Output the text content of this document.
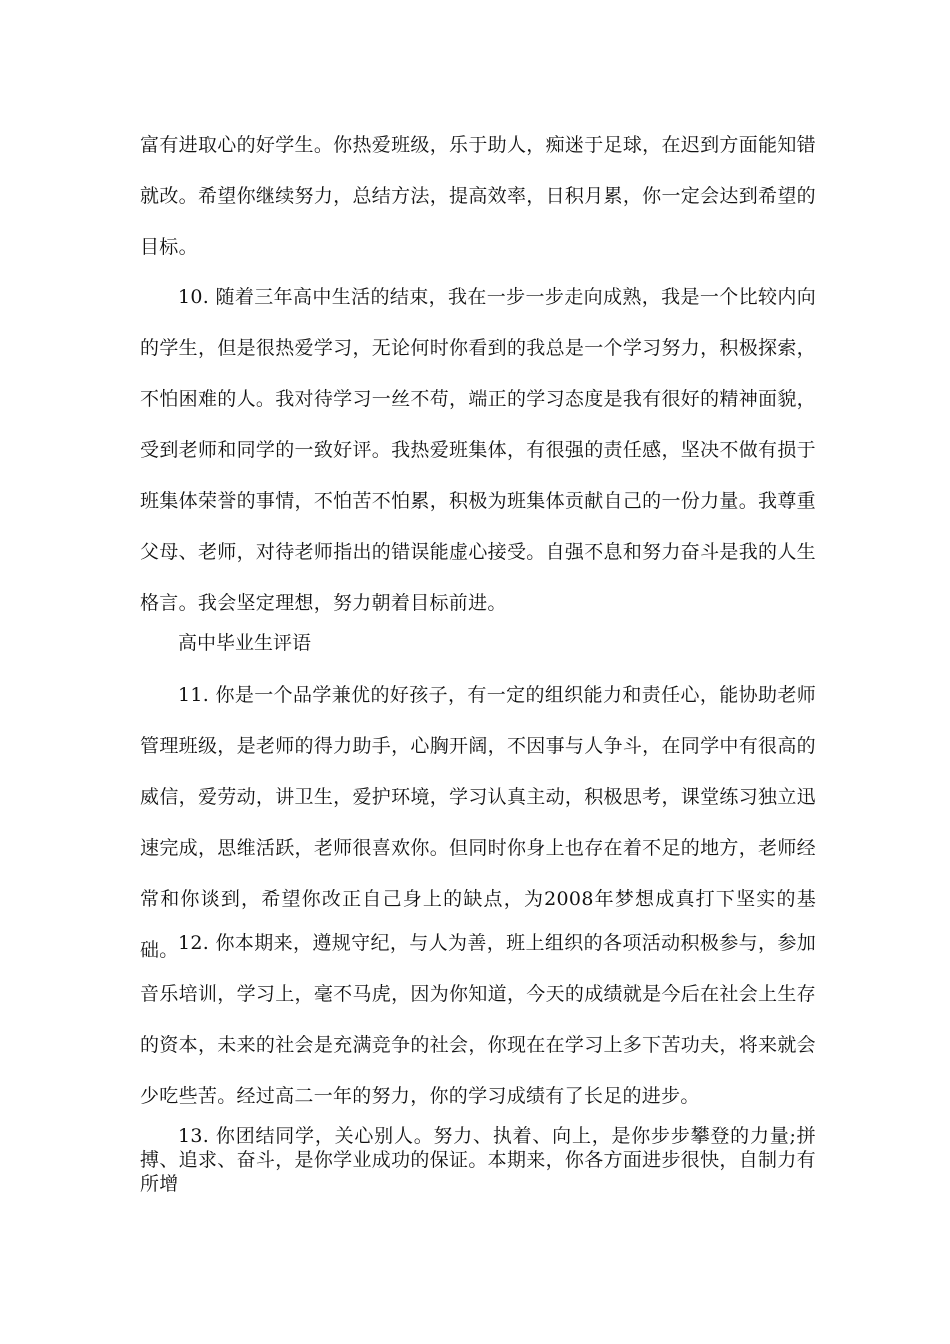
富有进取心的好学生。你热爱班级，乐于助人，痴迷于足球，在迟到方面能知错就改。希望你继续努力，总结方法，提高效率，日积月累，你一定会达到希望的目标。

10. 随着三年高中生活的结束，我在一步一步走向成熟，我是一个比较内向的学生，但是很热爱学习，无论何时你看到的我总是一个学习努力，积极探索，不怕困难的人。我对待学习一丝不苟，端正的学习态度是我有很好的精神面貌，受到老师和同学的一致好评。我热爱班集体，有很强的责任感，坚决不做有损于班集体荣誉的事情，不怕苦不怕累，积极为班集体贡献自己的一份力量。我尊重父母、老师，对待老师指出的错误能虚心接受。自强不息和努力奋斗是我的人生格言。我会坚定理想，努力朝着目标前进。

高中毕业生评语

11. 你是一个品学兼优的好孩子，有一定的组织能力和责任心，能协助老师管理班级，是老师的得力助手，心胸开阔，不因事与人争斗，在同学中有很高的威信，爱劳动，讲卫生，爱护环境，学习认真主动，积极思考，课堂练习独立迅速完成，思维活跃，老师很喜欢你。但同时你身上也存在着不足的地方，老师经常和你谈到，希望你改正自己身上的缺点，为2008年梦想成真打下坚实的基础。 12. 你本期来，遵规守纪，与人为善，班上组织的各项活动积极参与，参加音乐培训，学习上，毫不马虎，因为你知道，今天的成绩就是今后在社会上生存的资本，未来的社会是充满竞争的社会，你现在在学习上多下苦功夫，将来就会少吃些苦。经过高二一年的努力，你的学习成绩有了长足的进步。

13. 你团结同学，关心别人。努力、执着、向上，是你步步攀登的力量;拼搏、追求、奋斗，是你学业成功的保证。本期来，你各方面进步很快，自制力有所增
